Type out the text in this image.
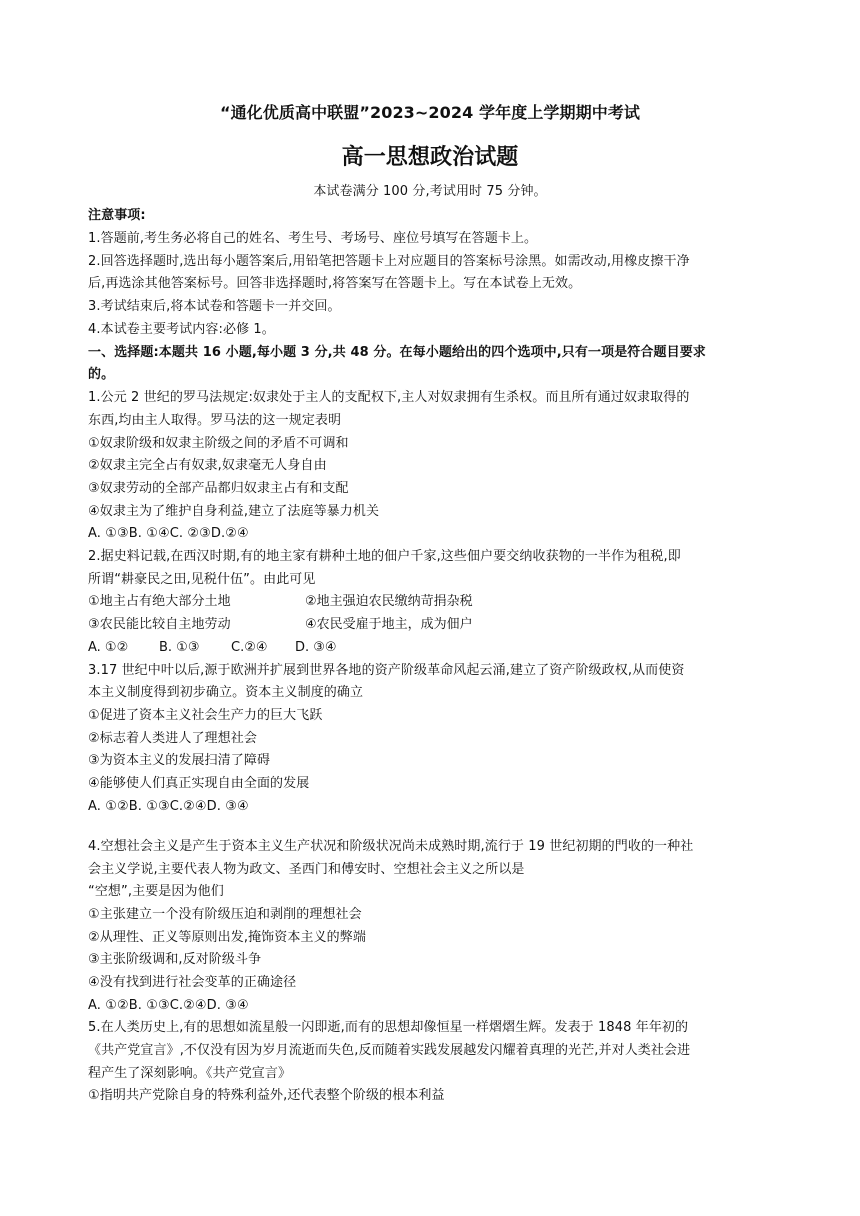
“通化优质高中联盟”2023~2024 学年度上学期期中考试
高一思想政治试题
本试卷满分 100 分,考试用时 75 分钟。
注意事项:
1.答题前,考生务必将自己的姓名、考生号、考场号、座位号填写在答题卡上。
2.回答选择题时,选出每小题答案后,用铅笔把答题卡上对应题目的答案标号涂黑。如需改动,用橡皮擦干净
后,再选涂其他答案标号。回答非选择题时,将答案写在答题卡上。写在本试卷上无效。
3.考试结束后,将本试卷和答题卡一并交回。
4.本试卷主要考试内容:必修 1。
一、选择题:本题共 16 小题,每小题 3 分,共 48 分。在每小题给出的四个选项中,只有一项是符合题目要求
的。
1.公元 2 世纪的罗马法规定:奴隶处于主人的支配权下,主人对奴隶拥有生杀权。而且所有通过奴隶取得的
东西,均由主人取得。罗马法的这一规定表明
①奴隶阶级和奴隶主阶级之间的矛盾不可调和
②奴隶主完全占有奴隶,奴隶毫无人身自由
③奴隶劳动的全部产品都归奴隶主占有和支配
④奴隶主为了维护自身利益,建立了法庭等暴力机关
A. ①③B. ①④C. ②③D.②④
2.据史料记载,在西汉时期,有的地主家有耕种土地的佃户千家,这些佃户要交纳收获物的一半作为租税,即
所谓“耕豪民之田,见税什伍”。由此可见
①地主占有绝大部分土地	②地主强迫农民缴纳苛捐杂税
③农民能比较自主地劳动	④农民受雇于地主，成为佃户
A. ①② B. ①③ C.②④ D. ③④
3.17 世纪中叶以后,源于欧洲并扩展到世界各地的资产阶级革命风起云涌,建立了资产阶级政权,从而使资
本主义制度得到初步确立。资本主义制度的确立
①促进了资本主义社会生产力的巨大飞跃
②标志着人类进人了理想社会
③为资本主义的发展扫清了障碍
④能够使人们真正实现自由全面的发展
A. ①②B. ①③C.②④D. ③④
4.空想社会主义是产生于资本主义生产状况和阶级状况尚未成熟时期,流行于 19 世纪初期的門收的一种社
会主义学说,主要代表人物为政文、圣西门和傅安时、空想社会主义之所以是
“空想”,主要是因为他们
①主张建立一个没有阶级压迫和剥削的理想社会
②从理性、正义等原则出发,掩饰资本主义的弊端
③主张阶级调和,反对阶级斗争
④没有找到进行社会变革的正确途径
A. ①②B. ①③C.②④D. ③④
5.在人类历史上,有的思想如流星般一闪即逝,而有的思想却像恒星一样熠熠生辉。发表于 1848 年年初的
《共产党宣言》,不仅没有因为岁月流逝而失色,反而随着实践发展越发闪耀着真理的光芒,并对人类社会进
程产生了深刻影响。《共产党宣言》
①指明共产党除自身的特殊利益外,还代表整个阶级的根本利益
